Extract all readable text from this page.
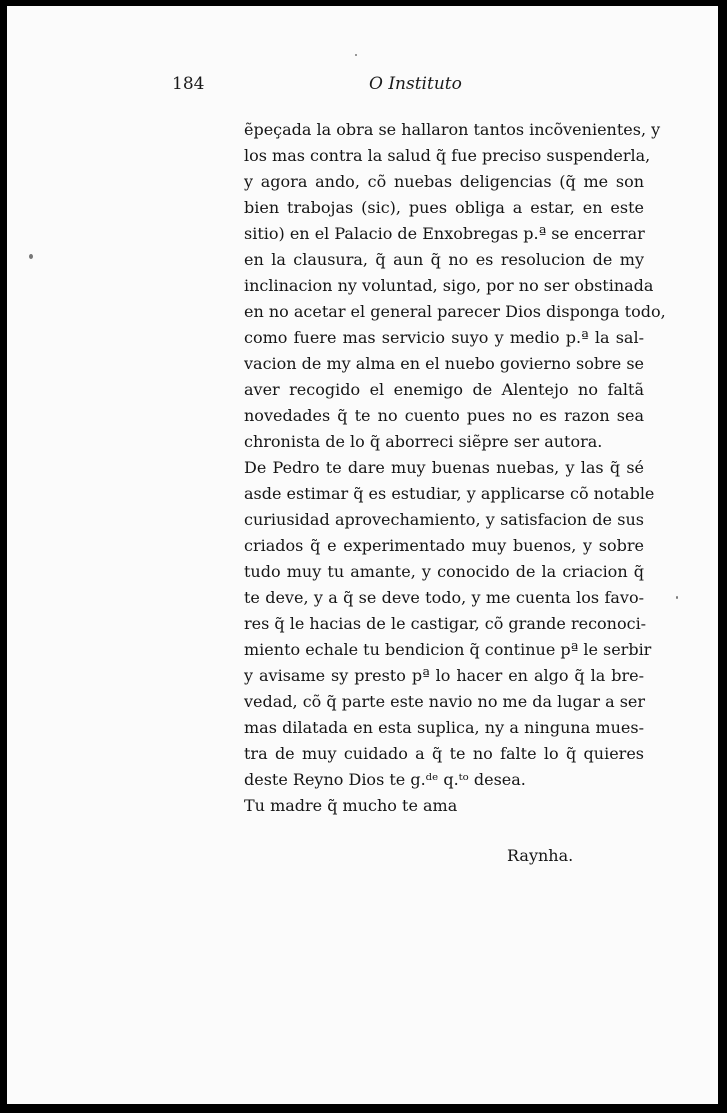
184	O Instituto
ẽpeçada la obra se hallaron tantos incõvenientes, y
los mas contra la salud q̃ fue preciso suspenderla,
y agora ando, cõ nuebas deligencias (q̃ me son
bien trabojas (sic), pues obliga a estar, en este
sitio) en el Palacio de Enxobregas p.ª se encerrar
en la clausura, q̃ aun q̃ no es resolucion de my
inclinacion ny voluntad, sigo, por no ser obstinada
en no acetar el general parecer Dios disponga todo,
como fuere mas servicio suyo y medio p.ª la sal-
vacion de my alma en el nuebo govierno sobre se
aver recogido el enemigo de Alentejo no faltã
novedades q̃ te no cuento pues no es razon sea
chronista de lo q̃ aborreci siẽpre ser autora.
De Pedro te dare muy buenas nuebas, y las q̃ sé
asde estimar q̃ es estudiar, y applicarse cõ notable
curiusidad aprovechamiento, y satisfacion de sus
criados q̃ e experimentado muy buenos, y sobre
tudo muy tu amante, y conocido de la criacion q̃
te deve, y a q̃ se deve todo, y me cuenta los favo-
res q̃ le hacias de le castigar, cõ grande reconoci-
miento echale tu bendicion q̃ continue pª le serbir
y avisame sy presto pª lo hacer en algo q̃ la bre-
vedad, cõ q̃ parte este navio no me da lugar a ser
mas dilatada en esta suplica, ny a ninguna mues-
tra de muy cuidado a q̃ te no falte lo q̃ quieres
deste Reyno Dios te g.ᵈᵉ q.ᵗᵒ desea.
Tu madre q̃ mucho te ama
Raynha.
